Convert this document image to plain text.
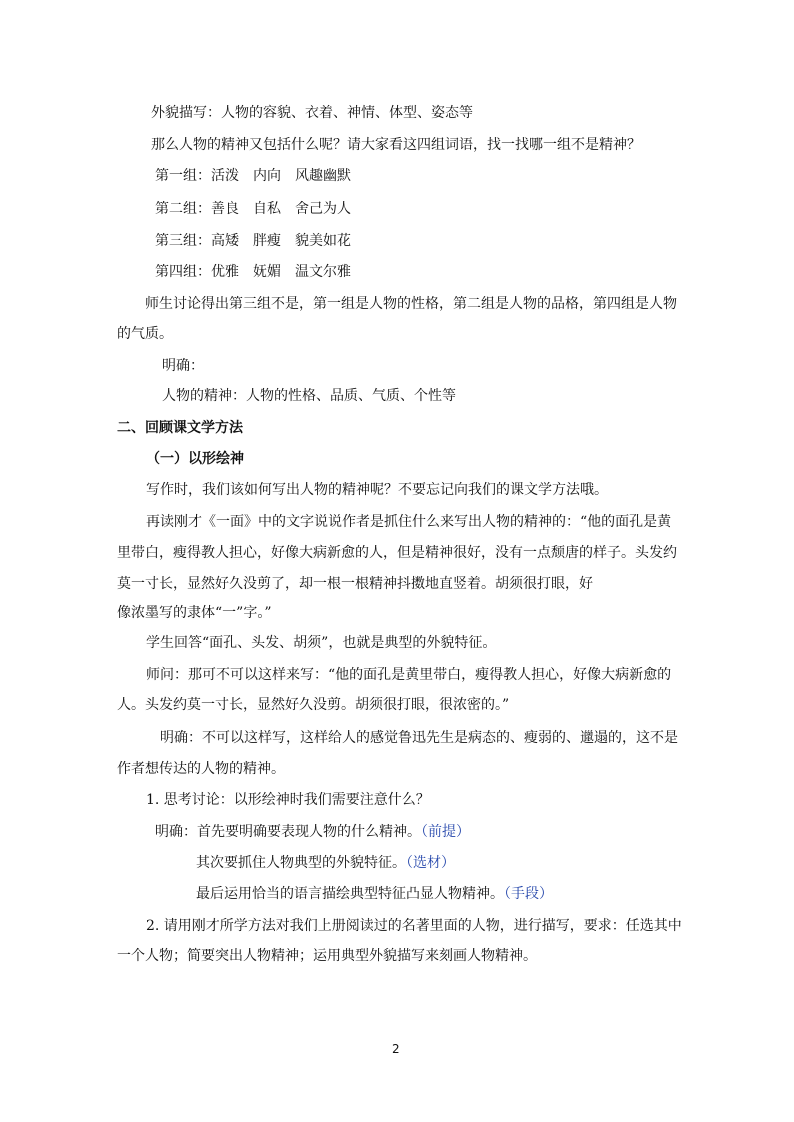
外貌描写：人物的容貌、衣着、神情、体型、姿态等
那么人物的精神又包括什么呢？请大家看这四组词语，找一找哪一组不是精神？
第一组：活泼　内向　风趣幽默
第二组：善良　自私　舍己为人
第三组：高矮　胖瘦　貌美如花
第四组：优雅　妩媚　温文尔雅
师生讨论得出第三组不是，第一组是人物的性格，第二组是人物的品格，第四组是人物
的气质。
明确：
人物的精神：人物的性格、品质、气质、个性等
二、回顾课文学方法
（一）以形绘神
写作时，我们该如何写出人物的精神呢？不要忘记向我们的课文学方法哦。
再读刚才《一面》中的文字说说作者是抓住什么来写出人物的精神的：“他的面孔是黄
里带白，瘦得教人担心，好像大病新愈的人，但是精神很好，没有一点颓唐的样子。头发约
莫一寸长，显然好久没剪了，却一根一根精神抖擞地直竖着。胡须很打眼，好
像浓墨写的隶体“一”字。”
学生回答“面孔、头发、胡须”，也就是典型的外貌特征。
师问：那可不可以这样来写：“他的面孔是黄里带白，瘦得教人担心，好像大病新愈的
人。头发约莫一寸长，显然好久没剪。胡须很打眼，很浓密的。”
明确：不可以这样写，这样给人的感觉鲁迅先生是病态的、瘦弱的、邋遢的，这不是
作者想传达的人物的精神。
1. 思考讨论：以形绘神时我们需要注意什么？
明确：首先要明确要表现人物的什么精神。（前提）
其次要抓住人物典型的外貌特征。（选材）
最后运用恰当的语言描绘典型特征凸显人物精神。（手段）
2. 请用刚才所学方法对我们上册阅读过的名著里面的人物，进行描写，要求：任选其中
一个人物；简要突出人物精神；运用典型外貌描写来刻画人物精神。
2
